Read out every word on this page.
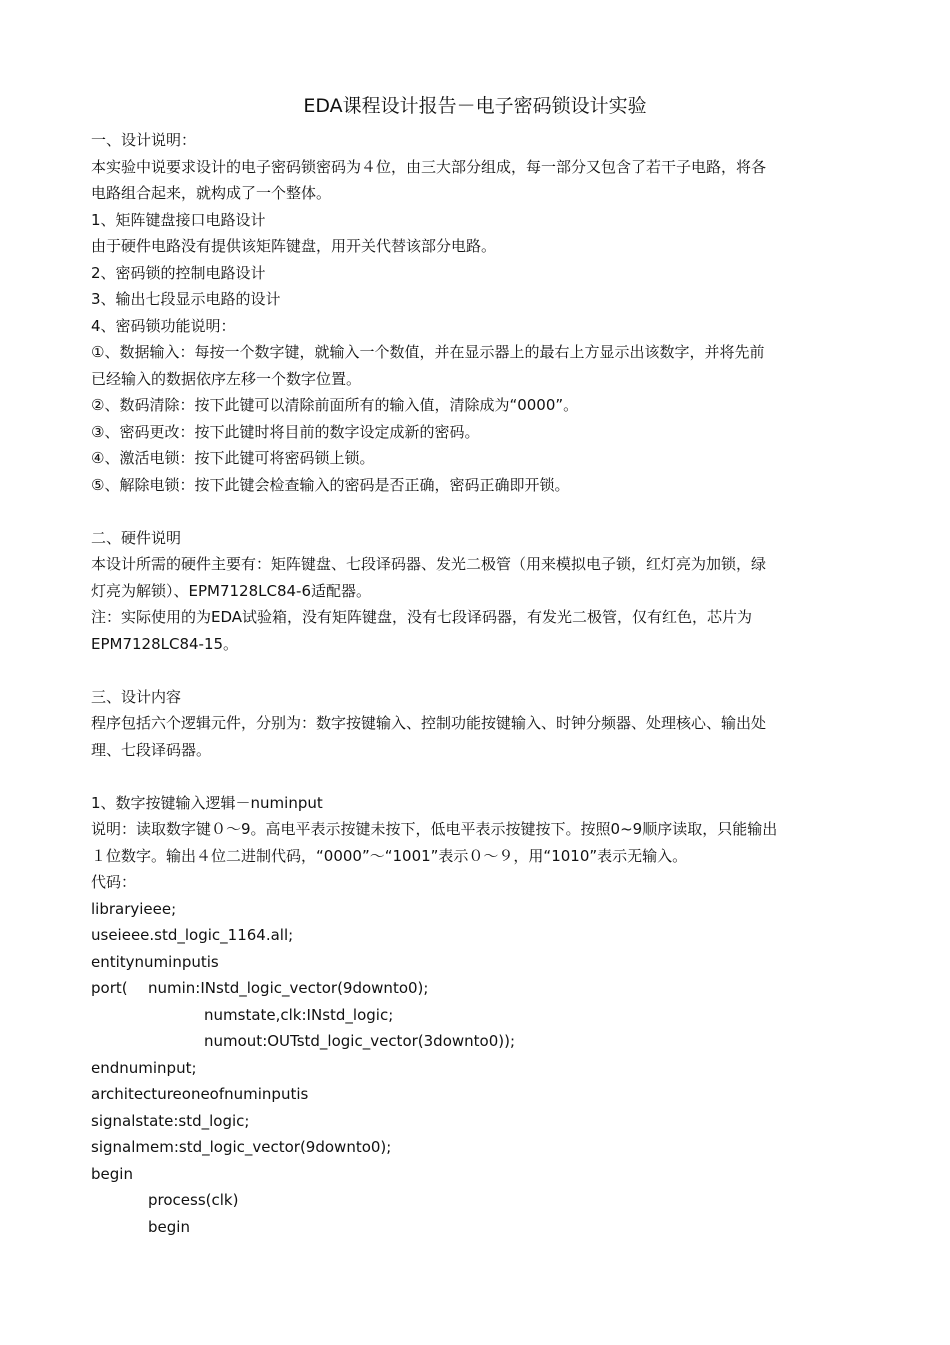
EDA课程设计报告－电子密码锁设计实验
一、设计说明：
本实验中说要求设计的电子密码锁密码为４位，由三大部分组成，每一部分又包含了若干子电路，将各
电路组合起来，就构成了一个整体。
1、矩阵键盘接口电路设计
由于硬件电路没有提供该矩阵键盘，用开关代替该部分电路。
2、密码锁的控制电路设计
3、输出七段显示电路的设计
4、密码锁功能说明：
①、数据输入：每按一个数字键，就输入一个数值，并在显示器上的最右上方显示出该数字，并将先前
已经输入的数据依序左移一个数字位置。
②、数码清除：按下此键可以清除前面所有的输入值，清除成为“0000”。
③、密码更改：按下此键时将目前的数字设定成新的密码。
④、激活电锁：按下此键可将密码锁上锁。
⑤、解除电锁：按下此键会检查输入的密码是否正确，密码正确即开锁。
二、硬件说明
本设计所需的硬件主要有：矩阵键盘、七段译码器、发光二极管（用来模拟电子锁，红灯亮为加锁，绿
灯亮为解锁）、EPM7128LC84-6适配器。
注：实际使用的为EDA试验箱，没有矩阵键盘，没有七段译码器，有发光二极管，仅有红色，芯片为
EPM7128LC84-15。
三、设计内容
程序包括六个逻辑元件，分别为：数字按键输入、控制功能按键输入、时钟分频器、处理核心、输出处
理、七段译码器。
1、数字按键输入逻辑－numinput
说明：读取数字键０～9。高电平表示按键未按下，低电平表示按键按下。按照0~9顺序读取，只能输出
１位数字。输出４位二进制代码，“0000”～“1001”表示０～９，用“1010”表示无输入。
代码：
libraryieee;
useieee.std_logic_1164.all;
entitynuminputis
port( numin:INstd_logic_vector(9downto0);
numstate,clk:INstd_logic;
numout:OUTstd_logic_vector(3downto0));
endnuminput;
architectureoneofnuminputis
signalstate:std_logic;
signalmem:std_logic_vector(9downto0);
begin
process(clk)
begin
